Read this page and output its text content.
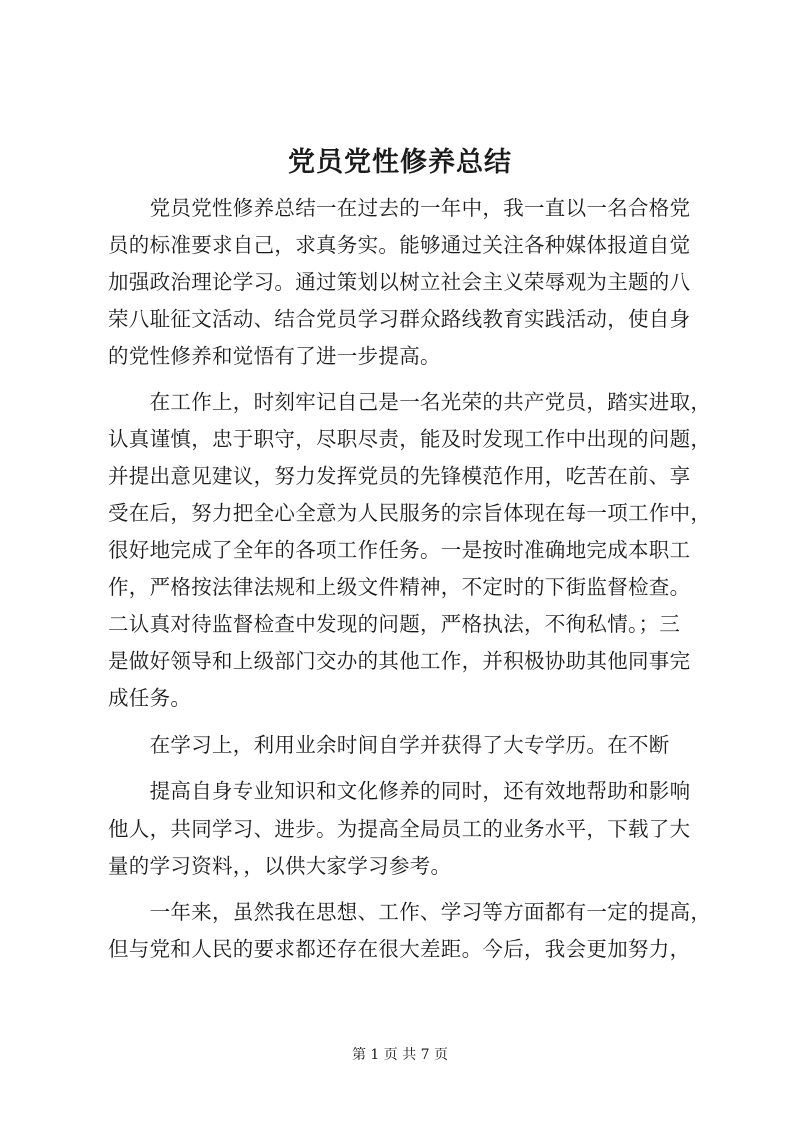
党员党性修养总结
　　党员党性修养总结一在过去的一年中，我一直以一名合格党
员的标准要求自己，求真务实。能够通过关注各种媒体报道自觉
加强政治理论学习。通过策划以树立社会主义荣辱观为主题的八
荣八耻征文活动、结合党员学习群众路线教育实践活动，使自身
的党性修养和觉悟有了进一步提高。
　　在工作上，时刻牢记自己是一名光荣的共产党员，踏实进取，
认真谨慎，忠于职守，尽职尽责，能及时发现工作中出现的问题，
并提出意见建议，努力发挥党员的先锋模范作用，吃苦在前、享
受在后，努力把全心全意为人民服务的宗旨体现在每一项工作中，
很好地完成了全年的各项工作任务。一是按时准确地完成本职工
作，严格按法律法规和上级文件精神，不定时的下街监督检查。
二认真对待监督检查中发现的问题，严格执法，不徇私情。；三
是做好领导和上级部门交办的其他工作，并积极协助其他同事完
成任务。
　　在学习上，利用业余时间自学并获得了大专学历。在不断
　　提高自身专业知识和文化修养的同时，还有效地帮助和影响
他人，共同学习、进步。为提高全局员工的业务水平，下载了大
量的学习资料，，以供大家学习参考。
　　一年来，虽然我在思想、工作、学习等方面都有一定的提高，
但与党和人民的要求都还存在很大差距。今后，我会更加努力，
第 1 页 共 7 页
